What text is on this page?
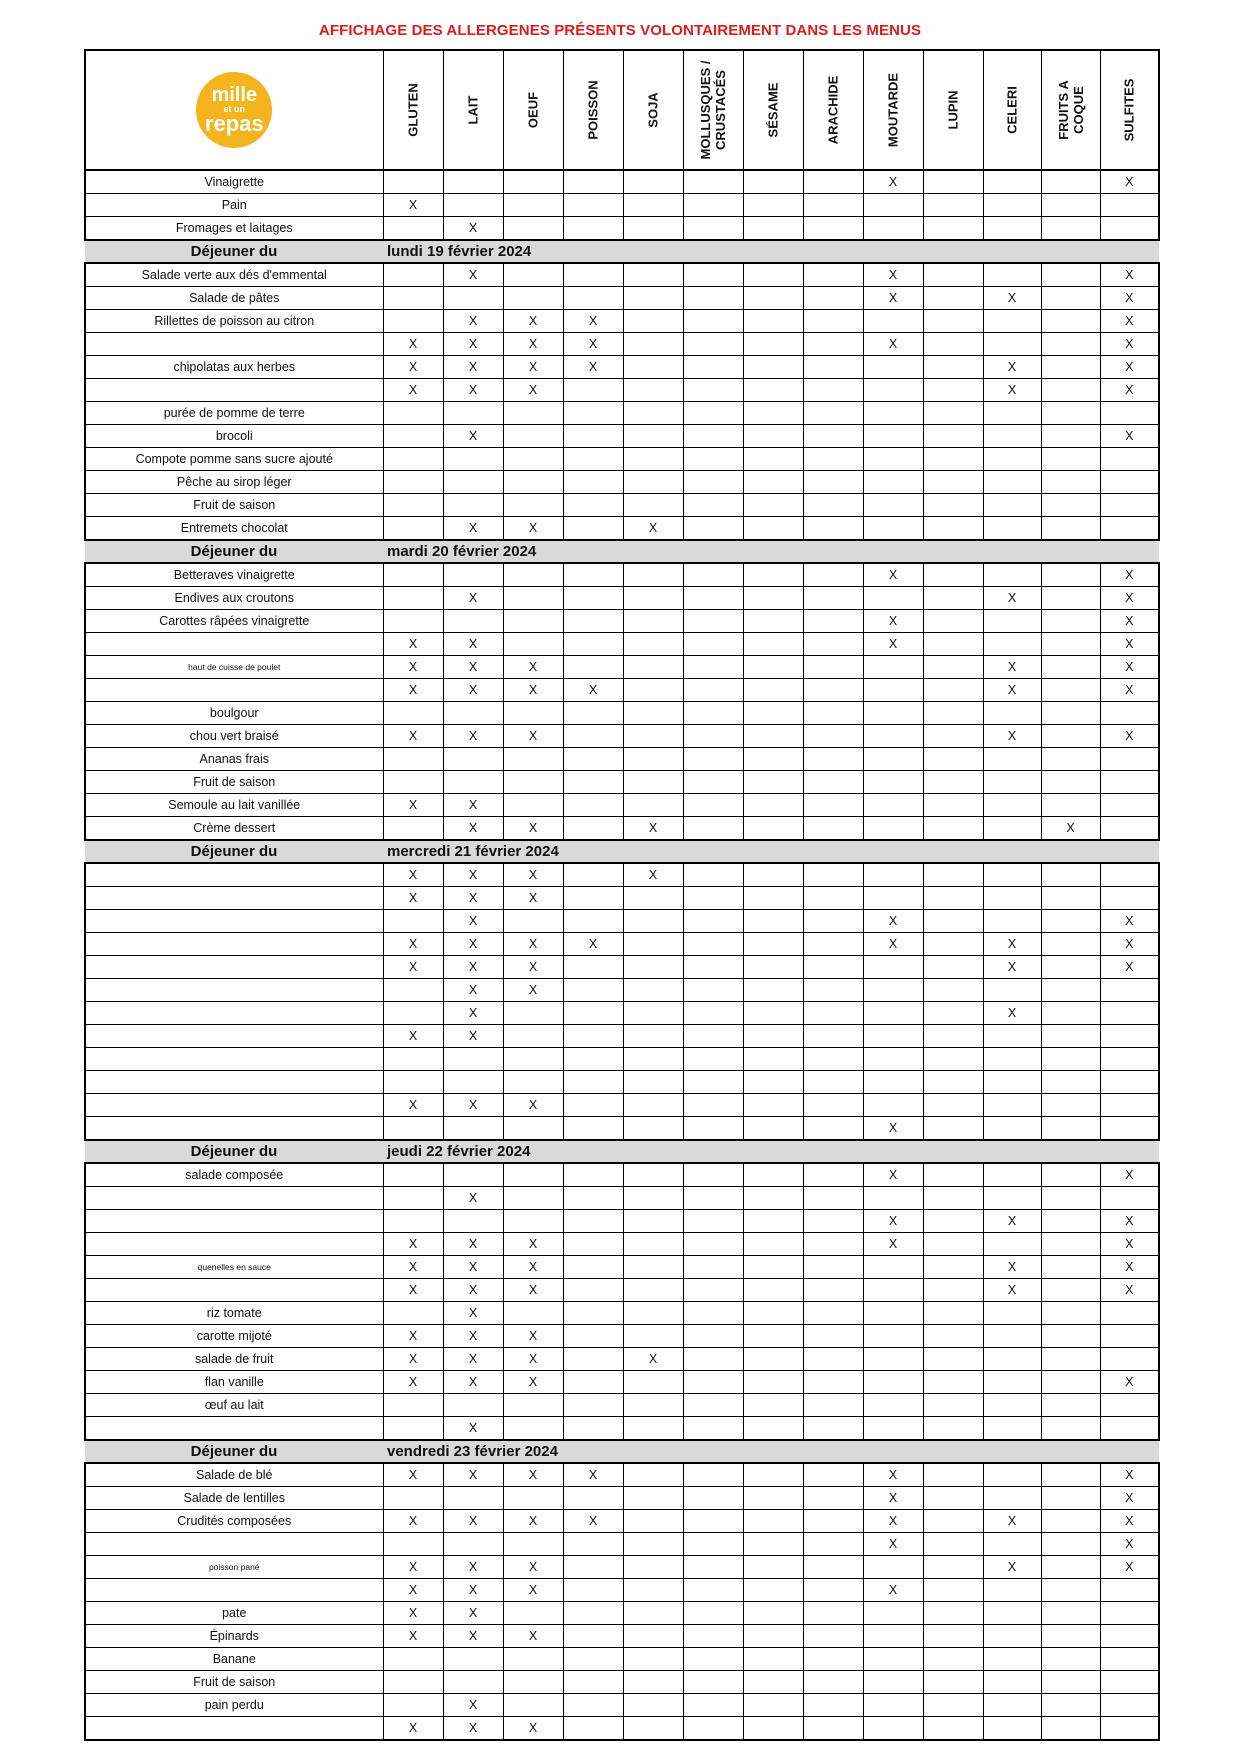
AFFICHAGE DES ALLERGENES PRÉSENTS VOLONTAIREMENT DANS LES MENUS
mille
et un
repas	GLUTEN	LAIT	OEUF	POISSON	SOJA	MOLLUSQUES /
CRUSTACÉS	SÉSAME	ARACHIDE	MOUTARDE	LUPIN	CELERI	FRUITS A
COQUE	SULFITES

Vinaigrette									X				X
Pain	X												
Fromages et laitages		X											
Déjeuner du	lundi 19 février 2024												
Salade verte aux dés d'emmental		X							X				X
Salade de pâtes									X		X		X
Rillettes de poisson au citron		X	X	X									X
	X	X	X	X					X				X
chipolatas aux herbes	X	X	X	X							X		X
	X	X	X								X		X
purée de pomme de terre													
brocoli		X											X
Compote pomme sans sucre ajouté													
Pêche au sirop léger													
Fruit de saison													
Entremets chocolat		X	X		X								
Déjeuner du	mardi 20 février 2024												
Betteraves vinaigrette									X				X
Endives aux croutons		X									X		X
Carottes râpées vinaigrette									X				X
	X	X							X				X
haut de cuisse de poulet	X	X	X								X		X
	X	X	X	X							X		X
boulgour													
chou vert braisé	X	X	X								X		X
Ananas frais													
Fruit de saison													
Semoule au lait vanillée	X	X											
Crème dessert		X	X		X							X	
Déjeuner du	mercredi 21 février 2024												
	X	X	X		X								
	X	X	X										
		X							X				X
	X	X	X	X					X		X		X
	X	X	X								X		X
		X	X										
		X									X		
	X	X											

	X	X	X										
									X				
Déjeuner du	jeudi 22 février 2024												
salade composée									X				X
		X											
									X		X		X
	X	X	X						X				X
quenelles en sauce	X	X	X								X		X
	X	X	X								X		X
riz tomate		X											
carotte mijoté	X	X	X										
salade de fruit	X	X	X		X								
flan vanille	X	X	X										X
œuf au lait													
		X											
Déjeuner du	vendredi 23 février 2024												
Salade de blé	X	X	X	X					X				X
Salade de lentilles									X				X
Crudités composées	X	X	X	X					X		X		X
									X				X
poisson pané	X	X	X								X		X
	X	X	X						X				
pate	X	X											
Épinards	X	X	X										
Banane													
Fruit de saison													
pain perdu		X											
	X	X	X										
